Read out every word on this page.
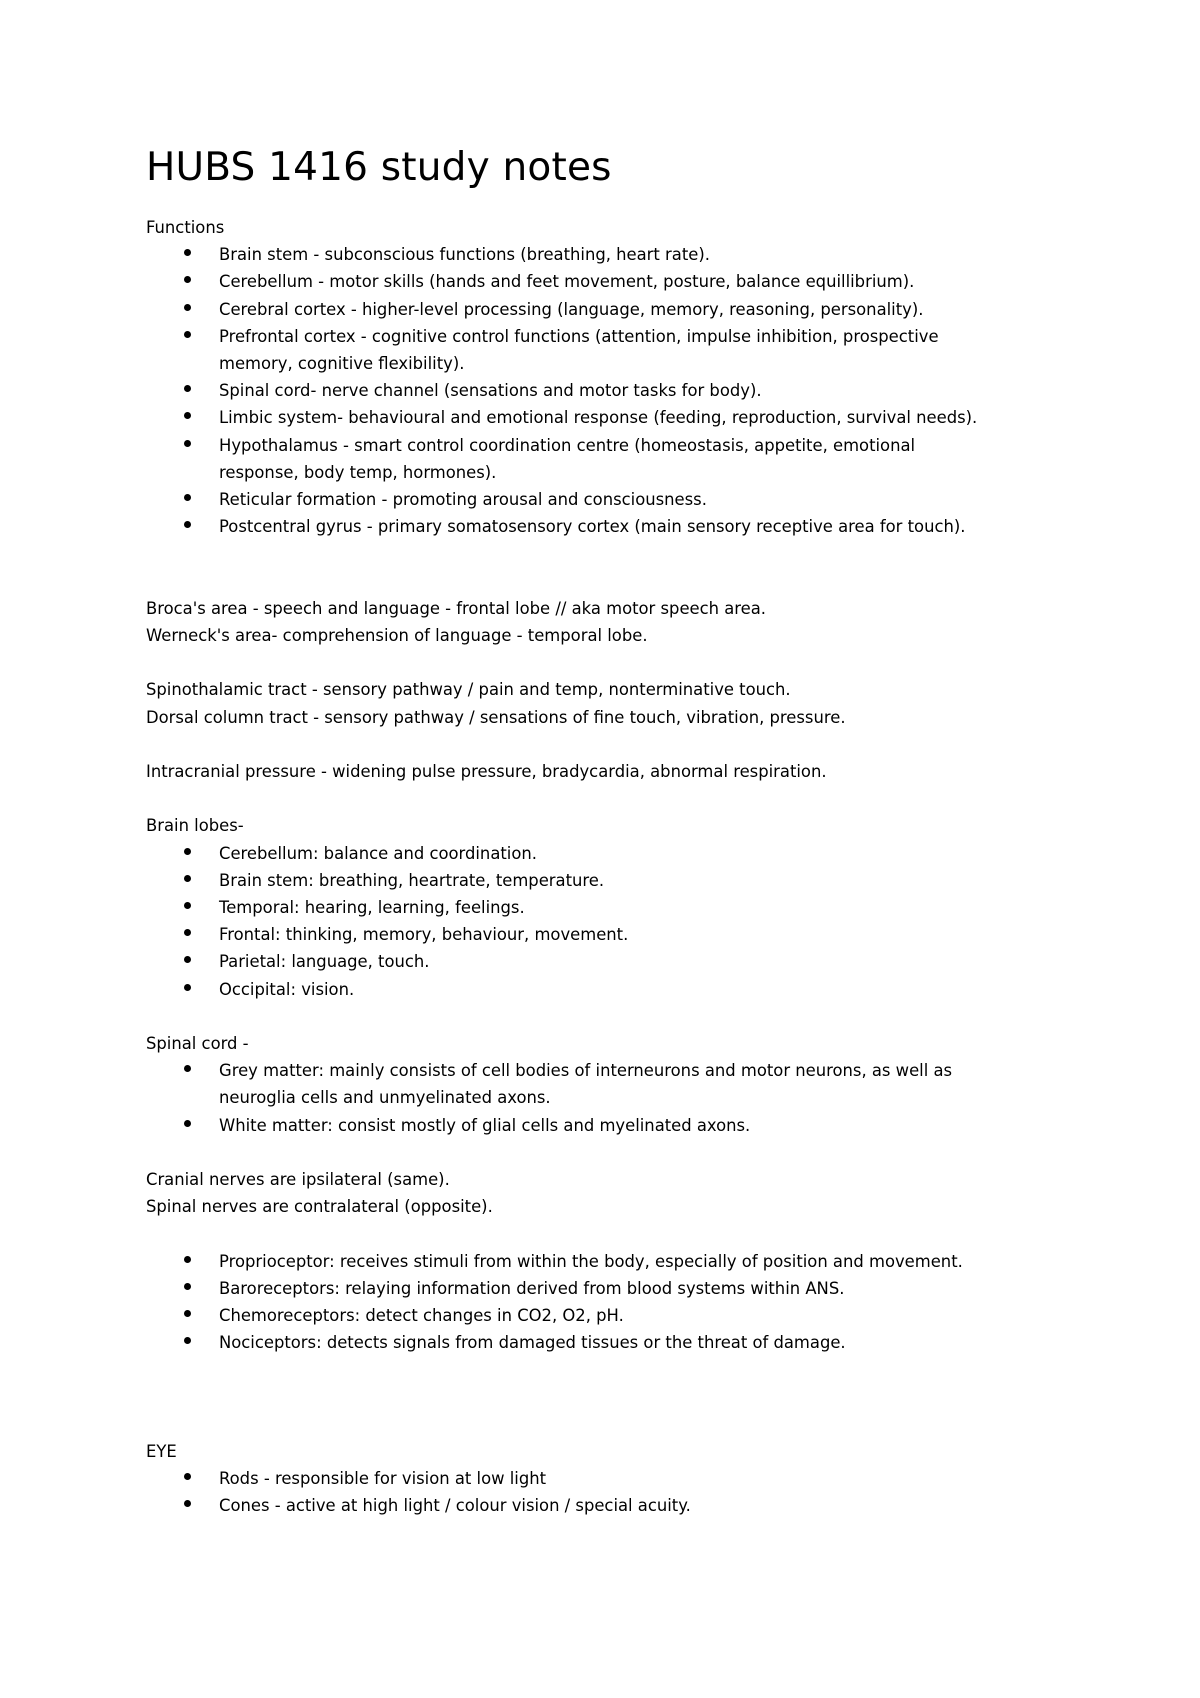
HUBS 1416 study notes

Functions

Brain stem - subconscious functions (breathing, heart rate).
Cerebellum - motor skills (hands and feet movement, posture, balance equillibrium).
Cerebral cortex - higher-level processing (language, memory, reasoning, personality).
Prefrontal cortex - cognitive control functions (attention, impulse inhibition, prospective memory, cognitive flexibility).
Spinal cord- nerve channel (sensations and motor tasks for body).
Limbic system- behavioural and emotional response (feeding, reproduction, survival needs).
Hypothalamus - smart control coordination centre (homeostasis, appetite, emotional response, body temp, hormones).
Reticular formation - promoting arousal and consciousness.
Postcentral gyrus - primary somatosensory cortex (main sensory receptive area for touch).

Broca's area - speech and language - frontal lobe // aka motor speech area.

Werneck's area- comprehension of language - temporal lobe.

Spinothalamic tract - sensory pathway / pain and temp, nonterminative touch.

Dorsal column tract - sensory pathway / sensations of fine touch, vibration, pressure.

Intracranial pressure - widening pulse pressure, bradycardia, abnormal respiration.

Brain lobes-

Cerebellum: balance and coordination.
Brain stem: breathing, heartrate, temperature.
Temporal: hearing, learning, feelings.
Frontal: thinking, memory, behaviour, movement.
Parietal: language, touch.
Occipital: vision.

Spinal cord -

Grey matter: mainly consists of cell bodies of interneurons and motor neurons, as well as neuroglia cells and unmyelinated axons.
White matter: consist mostly of glial cells and myelinated axons.

Cranial nerves are ipsilateral (same).

Spinal nerves are contralateral (opposite).

Proprioceptor: receives stimuli from within the body, especially of position and movement.
Baroreceptors: relaying information derived from blood systems within ANS.
Chemoreceptors: detect changes in CO2, O2, pH.
Nociceptors: detects signals from damaged tissues or the threat of damage.

EYE

Rods - responsible for vision at low light
Cones - active at high light / colour vision / special acuity.
